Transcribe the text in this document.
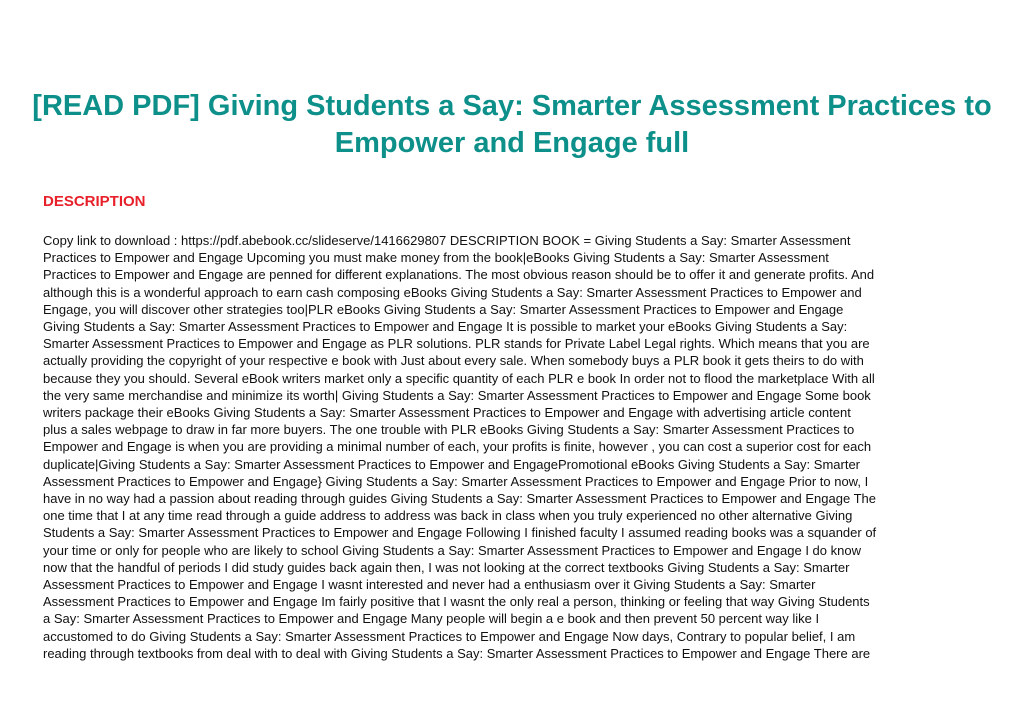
[READ PDF] Giving Students a Say: Smarter Assessment Practices to Empower and Engage full
DESCRIPTION

Copy link to download : https://pdf.abebook.cc/slideserve/1416629807 DESCRIPTION BOOK = Giving Students a Say: Smarter Assessment
Practices to Empower and Engage Upcoming you must make money from the book|eBooks Giving Students a Say: Smarter Assessment
Practices to Empower and Engage are penned for different explanations. The most obvious reason should be to offer it and generate profits. And
although this is a wonderful approach to earn cash composing eBooks Giving Students a Say: Smarter Assessment Practices to Empower and
Engage, you will discover other strategies too|PLR eBooks Giving Students a Say: Smarter Assessment Practices to Empower and Engage
Giving Students a Say: Smarter Assessment Practices to Empower and Engage It is possible to market your eBooks Giving Students a Say:
Smarter Assessment Practices to Empower and Engage as PLR solutions. PLR stands for Private Label Legal rights. Which means that you are
actually providing the copyright of your respective e book with Just about every sale. When somebody buys a PLR book it gets theirs to do with
because they you should. Several eBook writers market only a specific quantity of each PLR e book In order not to flood the marketplace With all
the very same merchandise and minimize its worth| Giving Students a Say: Smarter Assessment Practices to Empower and Engage Some book
writers package their eBooks Giving Students a Say: Smarter Assessment Practices to Empower and Engage with advertising article content
plus a sales webpage to draw in far more buyers. The one trouble with PLR eBooks Giving Students a Say: Smarter Assessment Practices to
Empower and Engage is when you are providing a minimal number of each, your profits is finite, however , you can cost a superior cost for each
duplicate|Giving Students a Say: Smarter Assessment Practices to Empower and EngagePromotional eBooks Giving Students a Say: Smarter
Assessment Practices to Empower and Engage} Giving Students a Say: Smarter Assessment Practices to Empower and Engage Prior to now, I
have in no way had a passion about reading through guides Giving Students a Say: Smarter Assessment Practices to Empower and Engage The
one time that I at any time read through a guide address to address was back in class when you truly experienced no other alternative Giving
Students a Say: Smarter Assessment Practices to Empower and Engage Following I finished faculty I assumed reading books was a squander of
your time or only for people who are likely to school Giving Students a Say: Smarter Assessment Practices to Empower and Engage I do know
now that the handful of periods I did study guides back again then, I was not looking at the correct textbooks Giving Students a Say: Smarter
Assessment Practices to Empower and Engage I wasnt interested and never had a enthusiasm over it Giving Students a Say: Smarter
Assessment Practices to Empower and Engage Im fairly positive that I wasnt the only real a person, thinking or feeling that way Giving Students
a Say: Smarter Assessment Practices to Empower and Engage Many people will begin a e book and then prevent 50 percent way like I
accustomed to do Giving Students a Say: Smarter Assessment Practices to Empower and Engage Now days, Contrary to popular belief, I am
reading through textbooks from deal with to deal with Giving Students a Say: Smarter Assessment Practices to Empower and Engage There are
